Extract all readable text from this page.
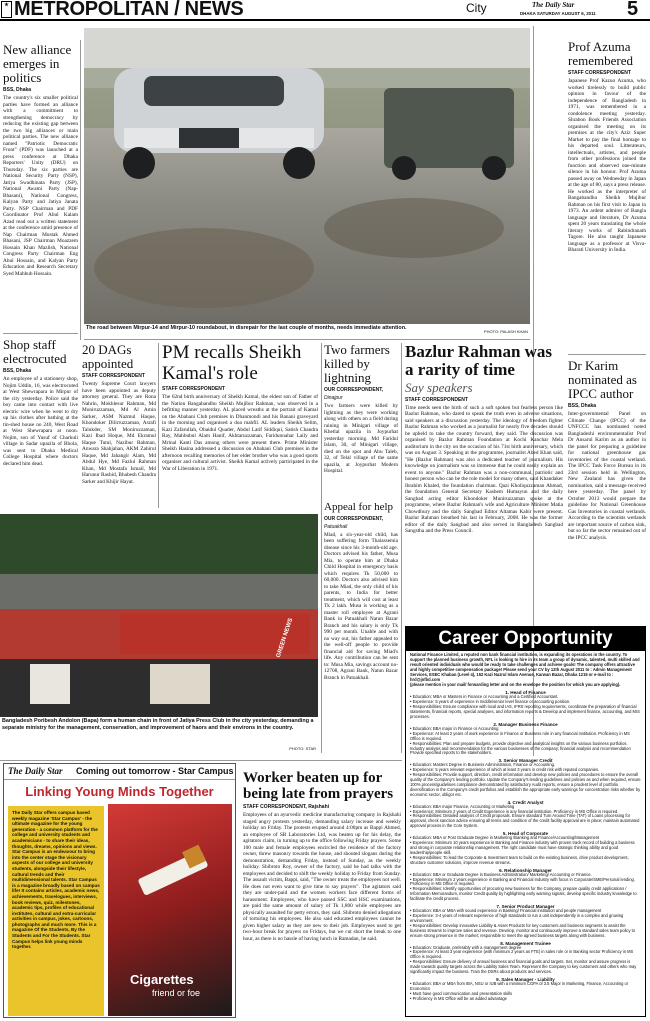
★ METROPOLITAN / NEWS	City	The Daily Star
DHAKA SATURDAY AUGUST 6, 2011 5
New alliance emerges in politics
BSS, Dhaka
The country's six smaller political parties have formed an alliance with a commitment to strengthening democracy by reducing the existing gap between the two big alliances or main political parties. The new alliance named "Patriotic Democratic Front" (PDF) was launched at a press conference at Dhaka Reporters' Unity (DRU) on Thursday. The six parties are National Security Party (NSP), Jatiya Swadhinata Party (JSP), National Awami Party (Nap-Bhasani), National Congress, Kalyan Party and Jatiya Janata Party. NSP Chairman and PDF Coordinator Prof Abul Kalam Azad read out a written statement at the conference amid presence of Nap Chairman Mostak Ahmed Bhasani, JSP Chairman Moazzem Hossain Khan Mazlish, National Congress Party Chairman Eng Abul Hossain, and Kalyan Party Education and Research Secretary Syed Mahbub Hossain.
Shop staff electrocuted
BSS, Dhaka
An employee of a stationery shop, Nojim Uddin, 16, was electrocuted at West Shewrapara in Mirpur of the city yesterday. Police said the boy came into contact with live electric wire when he went to dry up his clothes after bathing at the tin-shed house no 240, West Road at West Shewrapara at noon. Nojim, son of Yusuf of Charkuli village in Sadar upazila of Bhola, was sent to Dhaka Medical College Hospital where doctors declared him dead.
The road between Mirpur-14 and Mirpur-10 roundabout, in disrepair for the last couple of months, needs immediate attention.
PHOTO: PALASH KHAN
Prof Azuma remembered
STAFF CORRESPONDENT
Japanese Prof Kazuo Azuma, who worked tirelessly to build public opinion in favour of the independence of Bangladesh in 1971, was remembered in a condolence meeting yesterday. Shrabon Book Friends Association organised the meeting on its premises at the city's Aziz Super Market to pay the final homage to his departed soul. Litterateurs, intellectuals, artistes, and people from other professions joined the function and observed one-minute silence in his honour. Prof Azuma passed away on Wednesday in Japan at the age of 80, says a press release. He worked as the interpreter of Bangabandhu Sheikh Mujibur Rahman on his first visit to Japan in 1973. An ardent admirer of Bangla language and literature, Dr Azuma spent 20 years translating the whole literary works of Rabindranath Tagore. He also taught Japanese language as a professor at Visva-Bharati University in India.
Dr Karim nominated as IPCC author
BSS, Dhaka
Inter-governmental Panel on Climate Change (IPCC) of the UNFCCC has nominated noted Bangladeshi environmentalist Prof Dr Ansarul Karim as an author in the panel for preparing a guideline for national greenhouse gas inventories of the coastal wetland. The IPCC Task Force Bureau in its 23rd session held in Wellington, New Zealand has given the nomination, said a message received here yesterday. The panel by October 2013 would prepare the guideline for National Greenhouse Gas Inventories in coastal wetlands. According to the scientists wetlands are important source of carbon sink, but so far the sector remained out of the IPCC analysis.
20 DAGs appointed
STAFF CORRESPONDENT
Twenty Supreme Court lawyers have been appointed as deputy attorney general. They are Rona Nahrin, Mokhlesur Rahman, Md Moniruzzaman, Md Al Amin Sarker, ASM Nazmul Haque, Khondoker Dilirruzzaman, Asrafi Talukder, SM Moniruzzaman, Kazi Ibad Hoque, Md Ekramul Haque Tutul, Nazibur Rahman, Anwara Shahjahan, AKM Zahirul Haque, Md Jahangir Alam, Md Abdul Hye, Md Fazlul Rahman Khan, Md Mostafa Ismail, Md Harunur Rashid, Bhabesh Chandra Sarker and Khijir Hayat.
PM recalls Sheikh Kamal's role
STAFF CORRESPONDENT
The 62nd birth anniversary of Sheikh Kamal, the eldest son of Father of the Nation Bangabandhu Sheikh Mujibur Rahman, was observed in a befitting manner yesterday. AL placed wreaths at the portrait of Kamal on the Abahani Club premises in Dhanmondi and his Banani graveyard in the morning and organised a doa mahfil. AL leaders Sheikh Selim, Kazi Zafarullah, Obaidul Quader, Abdul Latif Siddiqui, Satish Chandra Ray, Mahbubul Alam Hanif, Akhtaruzzaman, Faridunnahar Laily and Mrinal Kanti Das among others were present there. Prime Minister Sheikh Hasina addressed a discussion on Abahani Club premises in the afternoon recalling memories of her elder brother who was a good sports organiser and cultural activist. Sheikh Kamal actively participated in the War of Liberation in 1971.
Two farmers killed by lightning
OUR CORRESPONDENT,
Dinajpur
Two farmers were killed by lightning as they were working along with others on a field during raining in Minigari village of Khetlal upazila in Joypurhat yesterday morning. Md Faridul Islam, 30, of Minigari village, died on the spot and Abu Taleb, 32, of Telal village of the same upazila, at Joypurhat Modern Hospital.
Appeal for help
OUR CORRESPONDENT,
Patuakhali
Miad, a six-year-old child, has been suffering form Thalassemia disease since his 3-month-old age. Doctors advised his father, Musa Mia, to operate him at Dhaka Child Hospital in emergency basis which requires Tk 50,000 to 60,000. Doctors also advised him to take Miad, the only child of his parents, to India for better treatment, which will cost at least Tk 2 lakh. Musa is working as a master roll employee at Agrani Bank in Patuakhali Natun Bazar Branch and his salary is only Tk 990 per month. Unable and with no way out, his father appealed to the well-off people to provide financial aid for saving Miad's life. Any contribution can be sent to: Musa Mia, savings account no- 12708, Agrani Bank, Natun Bazar Branch in Patuakhali.
Bazlur Rahman was a rarity of time
Say speakers
STAFF CORRESPONDENT
Time needs seen the birth of such a soft spoken but fearless person like Bazlur Rahman, who dared to speak the truth even in adverse situations, said speakers at a discussion yesterday. The ideology of freedom fighter Bazlur Rahman who worked as a journalist for nearly five decades should be upheld to take the country forward, they said. The discussion was organised by Bazlur Rahman Foundation at Kochi Kanchar Mela auditorium in the city on the occasion of his 71st birth anniversary, which was on August 3. Speaking at the programme, journalist Abed Khan said, "He (Bazlur Rahman) was also a dedicated teacher of journalism. His knowledge on journalism was so immense that he could easily explain an event to anyone." Bazlur Rahman was a non-communal, patriotic and honest person who can be the role model for many others, said Khandaker Ibrahim Khaled, the foundation chairman. Qazi Kholiquzzaman Ahmad, the foundation General Secretary Kashem Humayun and the daily Sangbad acting editor Khondoker Muniruzzaman spoke at the programme, where Bazlur Rahman's wife and Agriculture Minister Matia Chowdhury and the daily Sangbad Editor Altamas Kabir were present. Bazlur Rahman breathed his last in February, 2008. He was the former editor of the daily Sangbad and also served in Bangladesh Sangbad Sangstha and the Press Council.
GREEN NEWS
Bangladesh Poribesh Andolon (Bapa) form a human chain in front of Jatiya Press Club in the city yesterday, demanding a separate ministry for the management, conservation, and improvement of haors and their environs in the country.
PHOTO: STAR
Career Opportunity
National Finance Limited, a reputed non bank financial institution, is expanding its operations in the country. To support the planned business growth, NFL is looking to hire in its team a group of dynamic, talented, multi skilled and result oriented individuals who would be ready to take challenges and achieve goals! The company offers attractive and highly competitive compensation package! Please send your CV by 12th August 2011 to : Admin Management Services, ESEC Khaban (Level 4), 152 Kazi Nazrul Islam Avenue, Karwan Bazar, Dhaka 1215 or e-mail to : hrd@jnfbd.com
(please mention in your mail/ forwarding letter and on the envelope the position for which you are applying).
1. Head of Finance
• Education: MBA or Masters in Finance or Accounting and a Certified Accountant.
• Experience: 5 years of experience in middle/senior level finance or accounting position.
• Responsibilities: Ensure compliance with local and IAS, IFRS reporting requirements, coordinate the preparation of financial statements, financial reports, special analyses, and information reports & Develop and implement finance, accounting, and MIS processes.
2. Manager Business Finance
• Education: BBA major in Finance or Accounting
• Experience: At least 2 years of work experience in Finance or Business role in any financial institution. Proficiency in MS Office is required.
• Responsibilities: Plan and prepare budgets, provide objective and analytical insights on the various business portfolios. Industry analysis and recommendation for the various businesses of the company; financial analysis and recommendation Provide specified reports to the stakeholders.
3. Senior Manager Credit
• Education: Masters Degree in Business Administration, Finance or Accounting.
• Experience: 5 years relevant experience of which at least 3 years in credit risk with reputed companies.
• Responsibilities: Provide support, direction, credit information and develop new policies and procedures to ensure the overall quality of the Company's lending portfolio. Update the Company's lending guidelines and policies as and when required, ensure 100% process/guidelines compliance demonstrated by satisfactory Audit reports, ensure a prudent level of portfolio diversification in the Company's credit portfolios and establish the appropriate early warnings for concentration risks whether by economic sector, obligor etc.
4. Credit Analyst
• Education: BBA major Finance, Accounting or Marketing
• Experience: Minimum 2 years of Credit Experience in any financial institution. Proficiency in MS Office is required.
• Responsibilities: Detailed analysis of Credit proposals. Ensure standard Turn Around Time (TAT) of Loans processing for approval, check sanction advice ensuring all terms and condition of the credit facility approval are in place; maintain automated approval process in the Core System.
5. Head of Corporate
• Education: MBA or Post Graduate Degree in Marketing /Banking and Finance/Accounting/Management
• Experience: Minimum 10 years experience in Banking and Finance industry with proven track record of building a business and strong in corporate relationship management. The right candidate must have strategic thinking ability and good leadership/people skill.
• Responsibilities: To lead the Corporate & Investment team to build on the existing business, drive product development, structure customer solutions, improve revenue streams.
6. Relationship Manager
• Education: BBA or Graduate Degree in Business Administration/ Marketing/ Accounting or Finance.
• Experience: Minimum 2 years experience in Banking and Financial Industry with focus in Corporate/SME/Personal lending. Proficiency in MS Office is required.
• Responsibilities: Identify opportunities of procuring new business for the Company, prepare quality credit applications / Information Memorandum, monitor Credit quality by highlighting early warning signals, develop specific industry knowledge to facilitate the credit process.
7. Senior Product Manager
• Education: BBA or MBA with sound experience in Banking/ Financial institution and people management
• Experience: 3-4 years of relevant experience of high standards to run a unit independently in a complex and growing environment.
• Responsibilities: Develop innovative Liability & Asset Products for key customers and business segments to assist the business streams to improve sales and revenue. Develop, monitor and continuously improve a standard sales team policy to ensure strong presence in the market; responsible to meet the agreed business targets along with business.
8. Management Trainee
• Education: Graduate, preferably with a management degree
• Experience: At least 3 year experience (with minimum 2 years as FTE) in sales role or in Banking sector Proficiency in MS Office is required.
• Responsibilities: Ensure delivery of annual business and financial goals and targets. Set, monitor and assure progress is made towards quality targets across the Liability Sales Team. Represent the Company to key customers and others who may significantly impact the business. Train the DSRs about products and services.
9. Sales Manager - Liability
• Education: BBA or MBA from IBA, NSU or IUB with a minimum CGPA of 3.5 Major in Marketing, Finance, Accounting or Economics
• Must have good communication and presentation skills
• Proficiency in MS Office will be an added advantage
The Daily Star Coming out tomorrow - Star Campus
Linking Young Minds Together
The Daily Star offers campus based weekly magazine 'Star Campus' - the ultimate magazine for the young generation - a common platform for the college and university students and academicians - to share their ideas, thoughts, dreams, opinions and views. Star Campus is an endeavour to bring into the center stage the visionary aspects of our college and university students, alongside their lifestyle, cultural trends and their multidimensional talents. Star Campus is a magazine broadly based on campus life! It contains articles, academic news, achievements, travelogues, interviews, book reviews, quiz, milestones, academic tips, profiles of educational institutes, cultural and extra-curricular activities in campus, jokes, cartoons, photographs and much more. This is a magazine Of the Students, By the Students and For the Students. Star Campus helps link young minds together.
Cigarettes
friend or foe
Worker beaten up for being late from prayers
STAFF CORRESPONDENT, Rajshahi
Employees of an ayurvedic medicine manufacturing company in Rajshahi staged angry protests yesterday, demanding salary increase and weekly holiday on Friday. The protests erupted around 4:00pm as Bappi Ahmed, an employee of SB Laboratories Ltd, was beaten up for his delay, the agitators claim, in turning up to the office following Friday prayers. Some 100 male and female employees encircled the residence of the factory owner, threw masonry towards the house, and shouted slogans during the demonstration, demanding Friday, instead of Sunday, as the weekly holiday. Shibroto Roy, owner of the factory, said he had talks with the employees and decided to shift the weekly holiday to Friday from Sunday. The assault victim, Bappi, said, "The owner treats the employees not well. He does not even want to give time to say prayers". The agitators said they are under-paid and the women workers face different forms of harassment. Employees, who have passed SSC and HSC examinations, are paid the same amount of salary of Tk 1,800 while employees are physically assaulted for petty errors, they said. Shibroto denied allegations of torturing his employees. He also said educated employees cannot be given higher salary as they are new to their job. Employees used to get two-hour break for prayers on Fridays, but we cut short the break to one hour, as there is no hassle of having lunch in Ramadan, he said.
